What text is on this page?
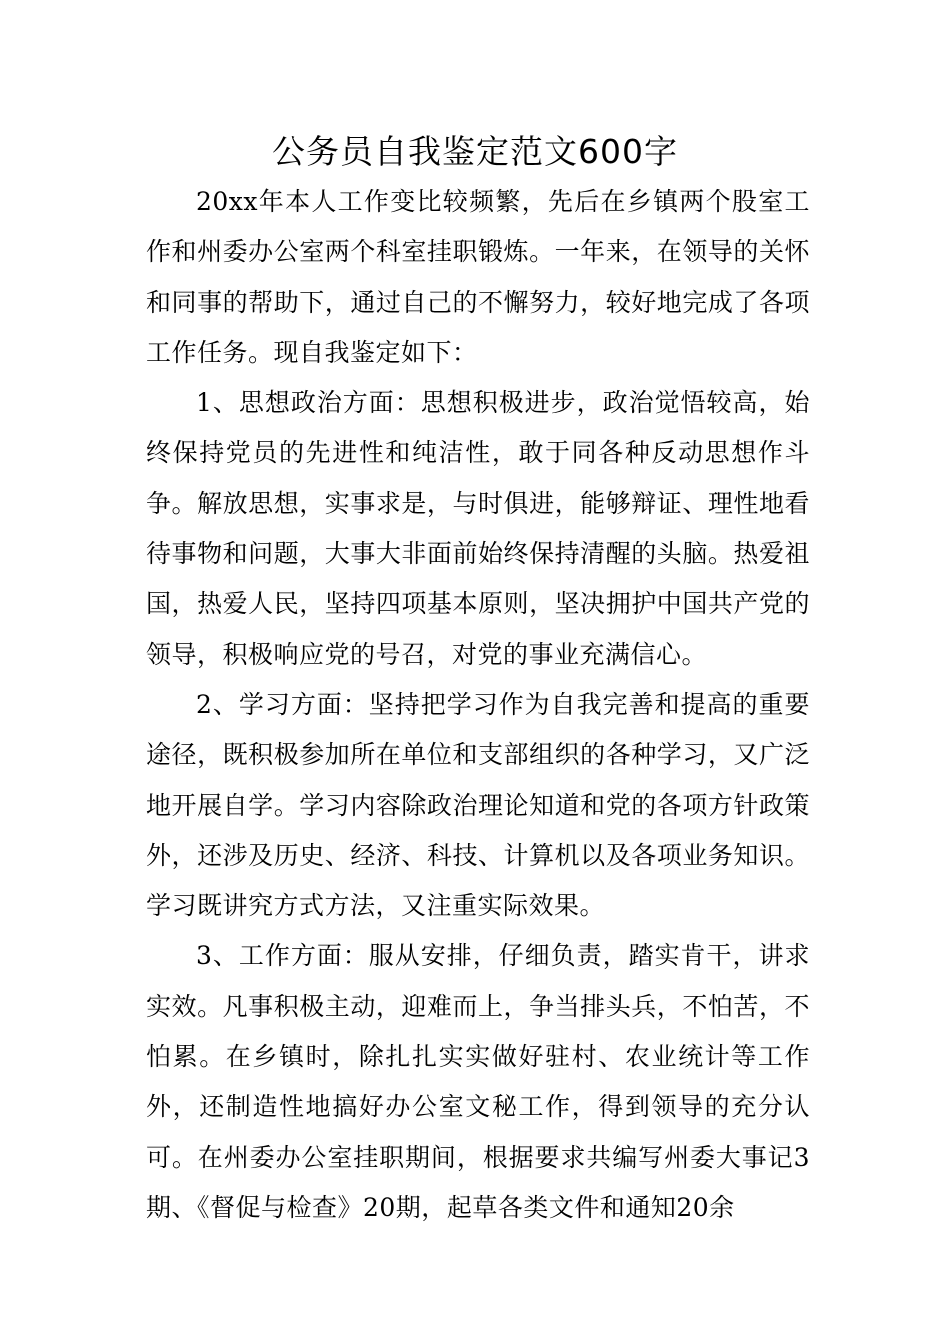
公务员自我鉴定范文600字

20xx年本人工作变比较频繁，先后在乡镇两个股室工作和州委办公室两个科室挂职锻炼。一年来，在领导的关怀和同事的帮助下，通过自己的不懈努力，较好地完成了各项工作任务。现自我鉴定如下：

1、思想政治方面：思想积极进步，政治觉悟较高，始终保持党员的先进性和纯洁性，敢于同各种反动思想作斗争。解放思想，实事求是，与时俱进，能够辩证、理性地看待事物和问题，大事大非面前始终保持清醒的头脑。热爱祖国，热爱人民，坚持四项基本原则，坚决拥护中国共产党的领导，积极响应党的号召，对党的事业充满信心。

2、学习方面：坚持把学习作为自我完善和提高的重要途径，既积极参加所在单位和支部组织的各种学习，又广泛地开展自学。学习内容除政治理论知道和党的各项方针政策外，还涉及历史、经济、科技、计算机以及各项业务知识。学习既讲究方式方法，又注重实际效果。

3、工作方面：服从安排，仔细负责，踏实肯干，讲求实效。凡事积极主动，迎难而上，争当排头兵，不怕苦，不怕累。在乡镇时，除扎扎实实做好驻村、农业统计等工作外，还制造性地搞好办公室文秘工作，得到领导的充分认可。在州委办公室挂职期间，根据要求共编写州委大事记3期、《督促与检查》20期，起草各类文件和通知20余
